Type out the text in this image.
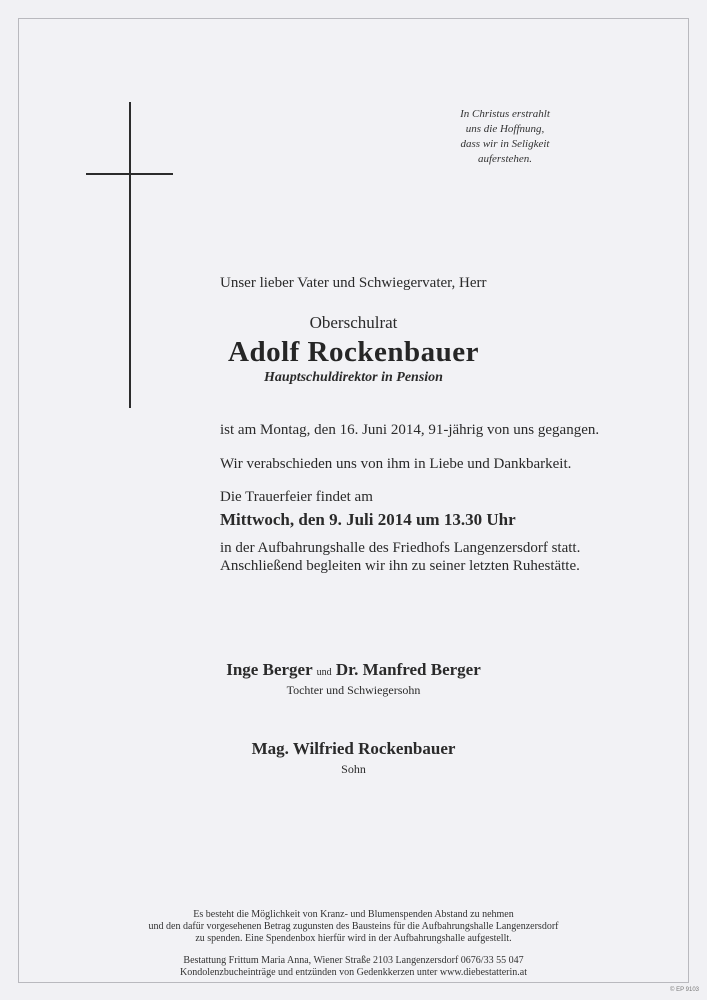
In Christus erstrahlt
uns die Hoffnung,
dass wir in Seligkeit
auferstehen.
Unser lieber Vater und Schwiegervater, Herr
Oberschulrat
Adolf Rockenbauer
Hauptschuldirektor in Pension
ist am Montag, den 16. Juni 2014, 91-jährig von uns gegangen.
Wir verabschieden uns von ihm in Liebe und Dankbarkeit.
Die Trauerfeier findet am
Mittwoch, den 9. Juli 2014 um 13.30 Uhr
in der Aufbahrungshalle des Friedhofs Langenzersdorf statt.
Anschließend begleiten wir ihn zu seiner letzten Ruhestätte.
Inge Berger und Dr. Manfred Berger
Tochter und Schwiegersohn
Mag. Wilfried Rockenbauer
Sohn
Es besteht die Möglichkeit von Kranz- und Blumenspenden Abstand zu nehmen
und den dafür vorgesehenen Betrag zugunsten des Bausteins für die Aufbahrungshalle Langenzersdorf
zu spenden. Eine Spendenbox hierfür wird in der Aufbahrungshalle aufgestellt.
Bestattung Frittum Maria Anna, Wiener Straße 2103 Langenzersdorf 0676/33 55 047
Kondolenzbucheinträge und entzünden von Gedenkkerzen unter www.diebestatterin.at
© EP 9103
